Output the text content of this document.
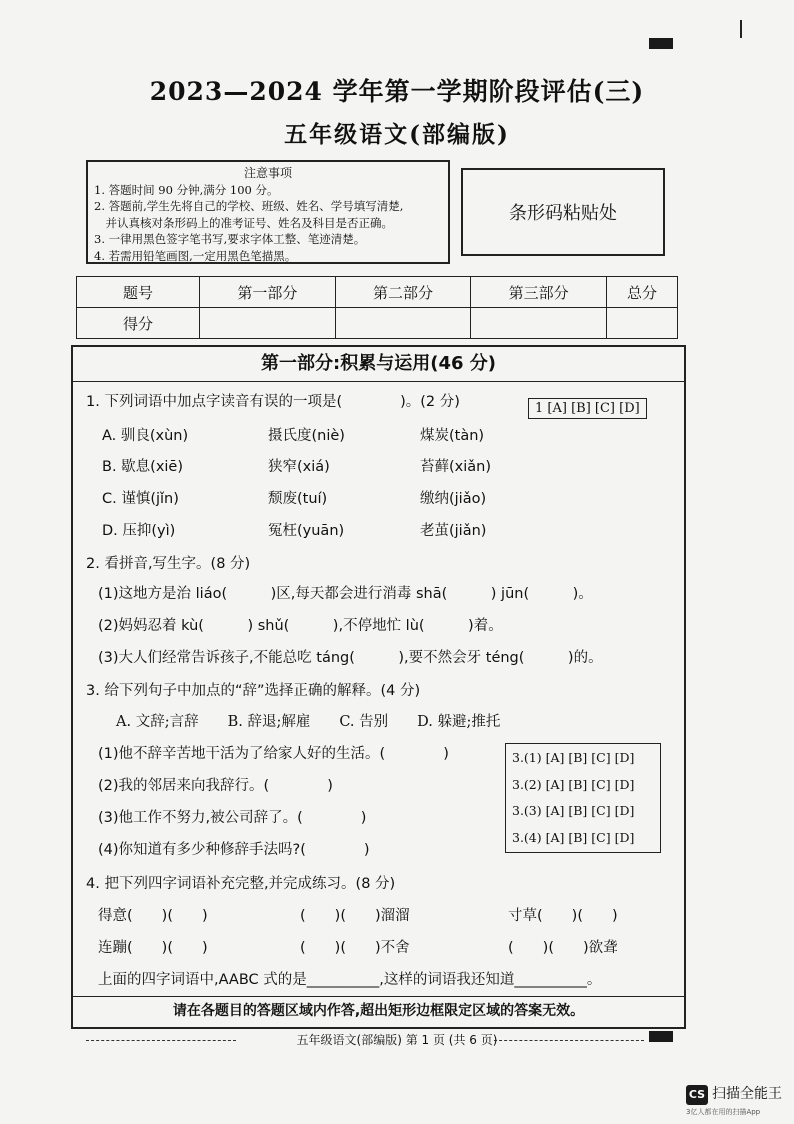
2023—2024 学年第一学期阶段评估(三)
五年级语文(部编版)
注意事项
1. 答题时间 90 分钟,满分 100 分。
2. 答题前,学生先将自己的学校、班级、姓名、学号填写清楚,
　并认真核对条形码上的准考证号、姓名及科目是否正确。
3. 一律用黑色签字笔书写,要求字体工整、笔迹清楚。
4. 若需用铅笔画图,一定用黑色笔描黑。
条形码粘贴处
题号	第一部分	第二部分	第三部分	总分
得分				
第一部分:积累与运用(46 分)
1. 下列词语中加点字读音有误的一项是(　　　　)。(2 分)	1 [A] [B] [C] [D]
A. 驯良(xùn)	摄氏度(niè)	煤炭(tàn)
B. 歇息(xiē)	狭窄(xiá)	苔藓(xiǎn)
C. 谨慎(jǐn)	颓废(tuí)	缴纳(jiǎo)
D. 压抑(yì)	冤枉(yuān)	老茧(jiǎn)
2. 看拼音,写生字。(8 分)
(1)这地方是治 liáo(　　　)区,每天都会进行消毒 shā(　　　) jūn(　　　)。
(2)妈妈忍着 kù(　　　) shǔ(　　　),不停地忙 lù(　　　)着。
(3)大人们经常告诉孩子,不能总吃 táng(　　　),要不然会牙 téng(　　　)的。
3. 给下列句子中加点的“辞”选择正确的解释。(4 分)
A. 文辞;言辞　　B. 辞退;解雇　　C. 告别　　D. 躲避;推托
(1)他不辞辛苦地干活为了给家人好的生活。(　　　　)
(2)我的邻居来向我辞行。(　　　　)
(3)他工作不努力,被公司辞了。(　　　　)
(4)你知道有多少种修辞手法吗?(　　　　)
3.(1) [A] [B] [C] [D]
3.(2) [A] [B] [C] [D]
3.(3) [A] [B] [C] [D]
3.(4) [A] [B] [C] [D]
4. 把下列四字词语补充完整,并完成练习。(8 分)
得意(　　)(　　)	(　　)(　　)溜溜	寸草(　　)(　　)
连蹦(　　)(　　)	(　　)(　　)不舍	(　　)(　　)欲聋
上面的四字词语中,AABC 式的是__________,这样的词语我还知道__________。
请在各题目的答题区域内作答,超出矩形边框限定区域的答案无效。
五年级语文(部编版) 第 1 页 (共 6 页)
CS 扫描全能王
3亿人都在用的扫描App
